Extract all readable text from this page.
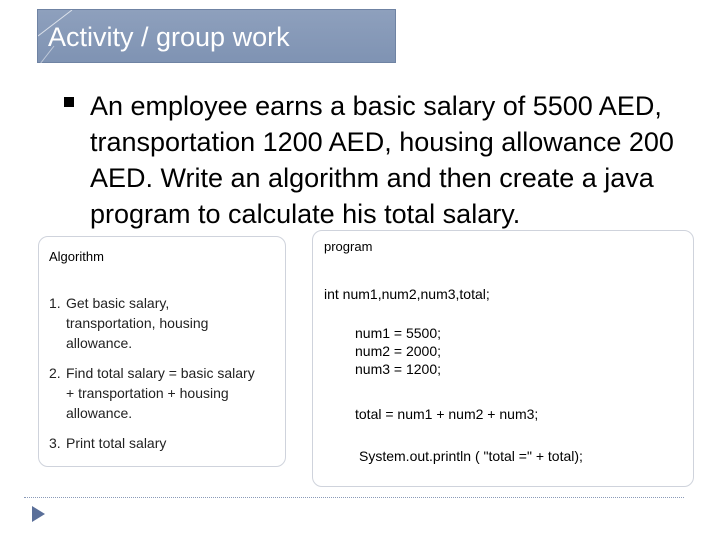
Activity / group work
An employee earns a basic salary of 5500 AED, transportation 1200 AED, housing allowance 200 AED. Write an algorithm and then create a java program to calculate his total salary.
Algorithm
1. Get basic salary, transportation, housing allowance.
2. Find total salary = basic salary + transportation + housing allowance.
3. Print total salary
program
int num1,num2,num3,total;
num1 = 5500;
num2 = 2000;
num3 = 1200;
total = num1 + num2 + num3;
System.out.println ( "total =" + total);
